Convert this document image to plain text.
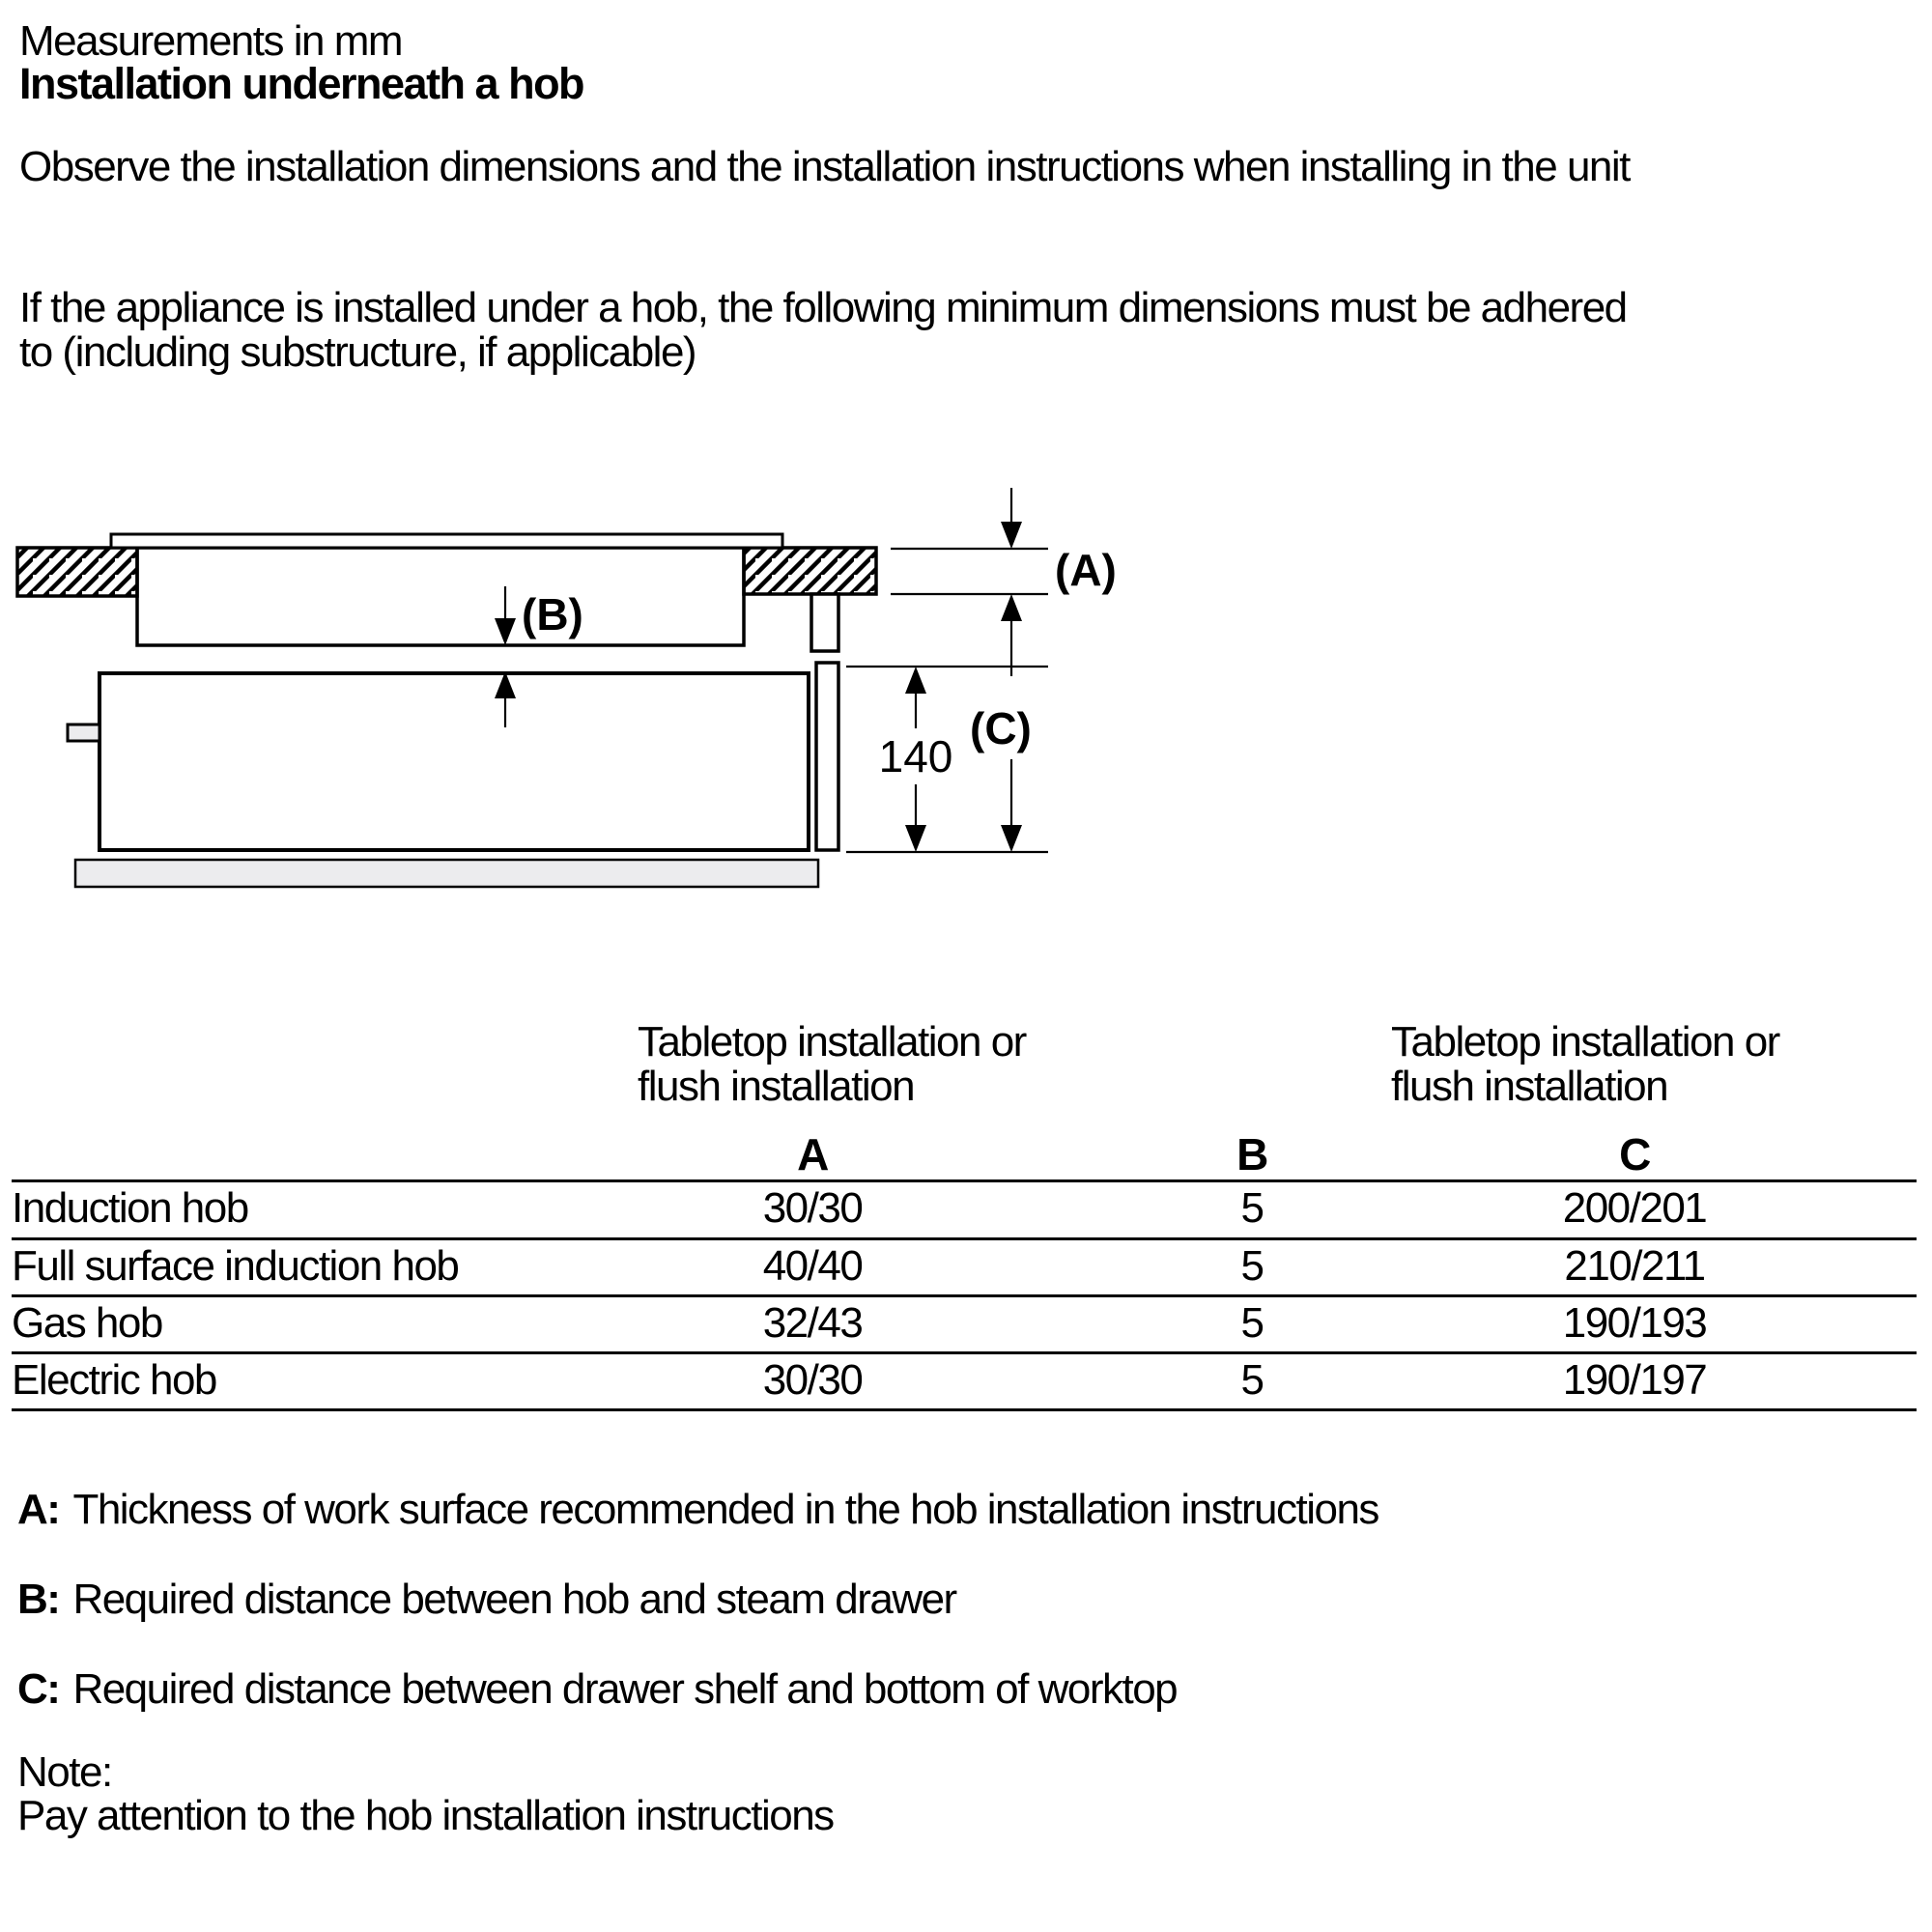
Measurements in mm
Installation underneath a hob
Observe the installation dimensions and the installation instructions when installing in the unit
If the appliance is installed under a hob, the following minimum dimensions must be adhered
to (including substructure, if applicable)
(A)
(B)
(C)
140
Tabletop installation or
flush installation
Tabletop installation or
flush installation
A	B	C
Induction hob	30/30	5	200/201
Full surface induction hob	40/40	5	210/211
Gas hob	32/43	5	190/193
Electric hob	30/30	5	190/197
A: Thickness of work surface recommended in the hob installation instructions
B: Required distance between hob and steam drawer
C: Required distance between drawer shelf and bottom of worktop
Note:
Pay attention to the hob installation instructions
